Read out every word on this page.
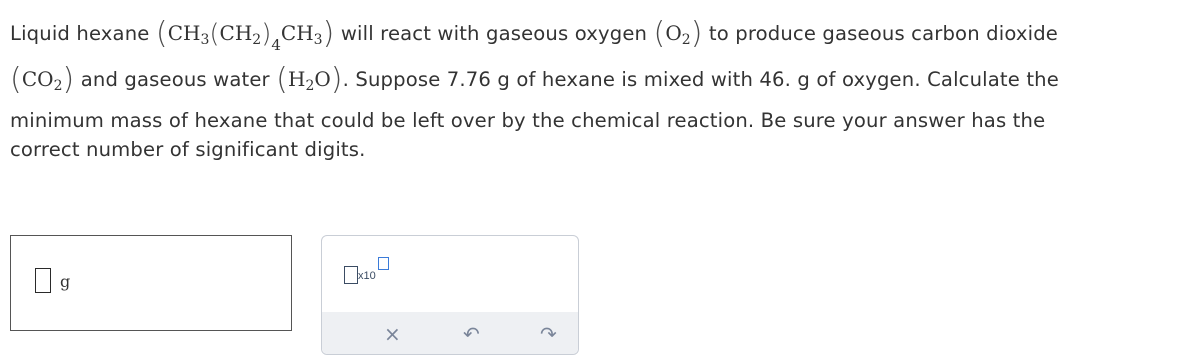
Liquid hexane $(CH_3(CH_2)_4CH_3)$ will react with gaseous oxygen $(O_2)$ to produce gaseous carbon dioxide
$(CO_2)$ and gaseous water $(H_2O)$. Suppose 7.76 g of hexane is mixed with 46. g of oxygen. Calculate the
minimum mass of hexane that could be left over by the chemical reaction. Be sure your answer has the
correct number of significant digits.
g	x10
×	↶	↷
